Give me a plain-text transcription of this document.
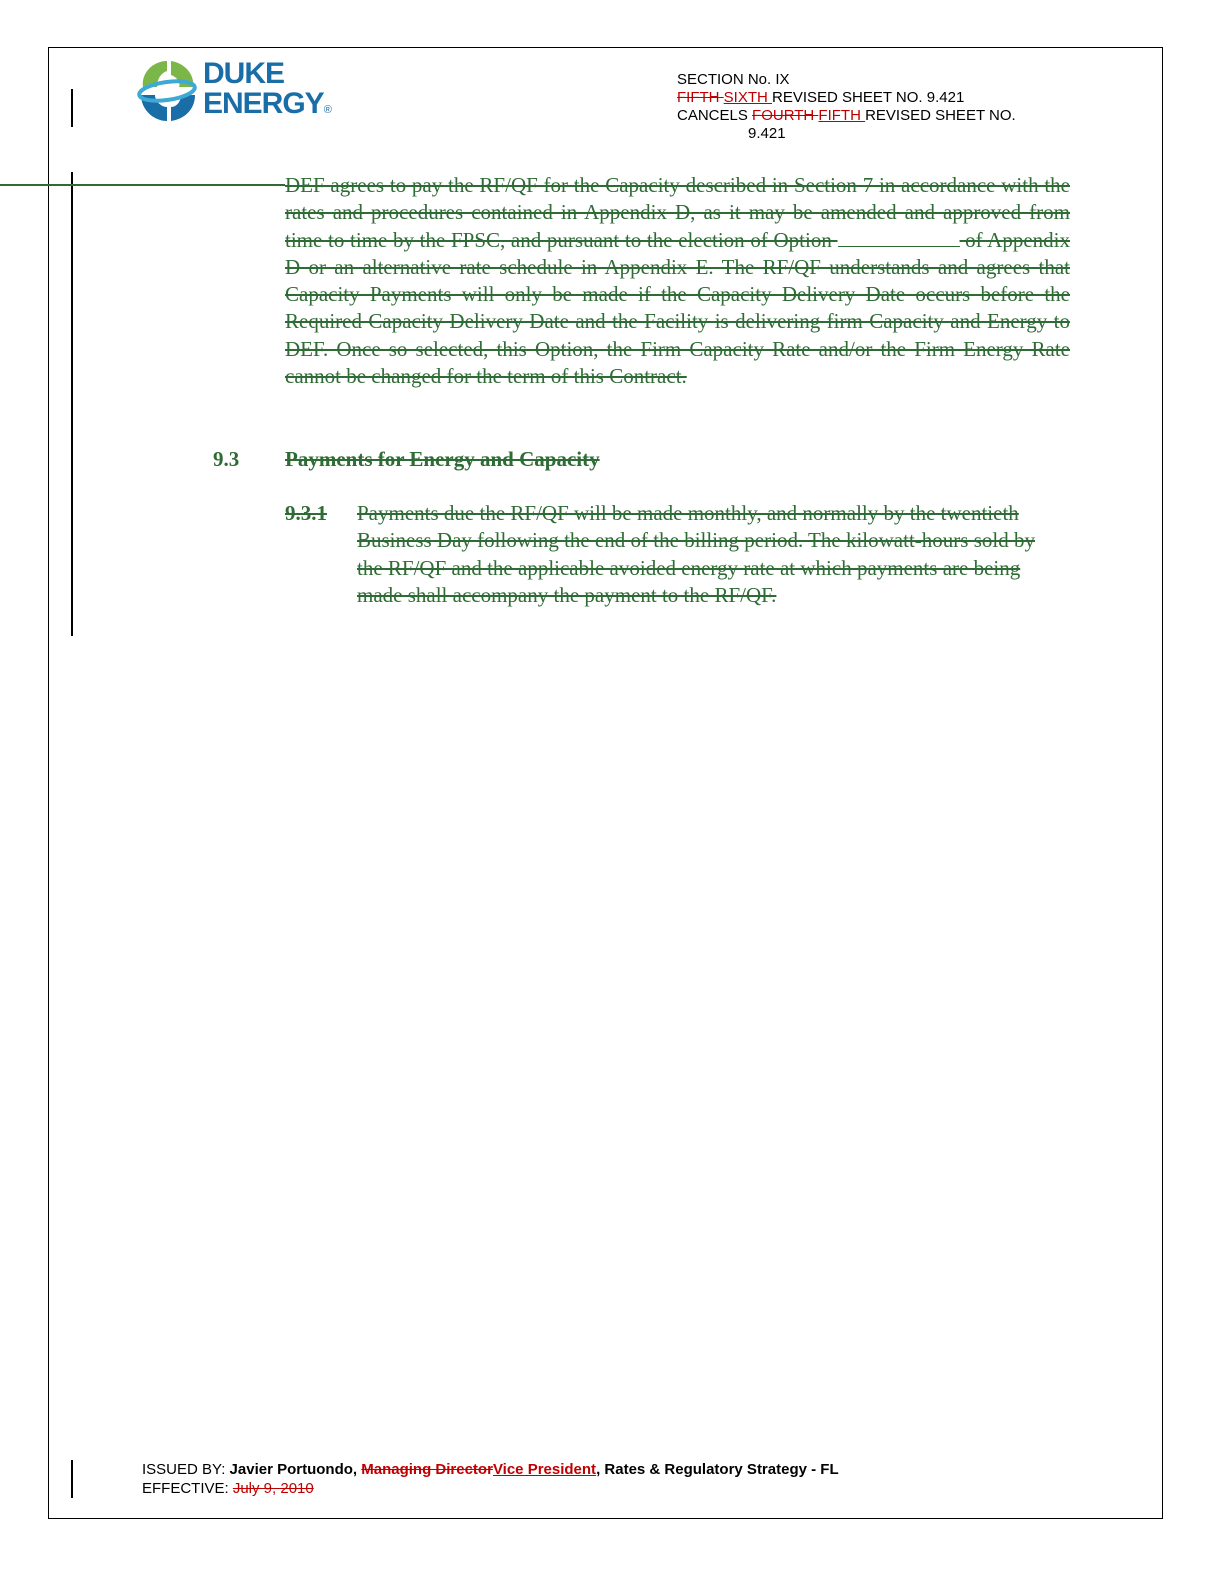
DUKE
ENERGY®
SECTION No. IX
FIFTH SIXTH REVISED SHEET NO. 9.421
CANCELS FOURTH FIFTH REVISED SHEET NO.

9.421
DEF agrees to pay the RF/QF for the Capacity described in Section 7 in accordance with the rates and procedures contained in Appendix D, as it may be amended and approved from time to time by the FPSC, and pursuant to the election of Option	of Appendix D or an alternative rate schedule in Appendix E. The RF/QF understands and agrees that Capacity Payments will only be made if the Capacity Delivery Date occurs before the Required Capacity Delivery Date and the Facility is delivering firm Capacity and Energy to DEF. Once so selected, this Option, the Firm Capacity Rate and/or the Firm Energy Rate cannot be changed for the term of this Contract.
9.3 Payments for Energy and Capacity
9.3.1 Payments due the RF/QF will be made monthly, and normally by the twentieth Business Day following the end of the billing period. The kilowatt-hours sold by the RF/QF and the applicable avoided energy rate at which payments are being made shall accompany the payment to the RF/QF.
ISSUED BY: Javier Portuondo, Managing DirectorVice President, Rates & Regulatory Strategy - FL
EFFECTIVE: July 9, 2010
